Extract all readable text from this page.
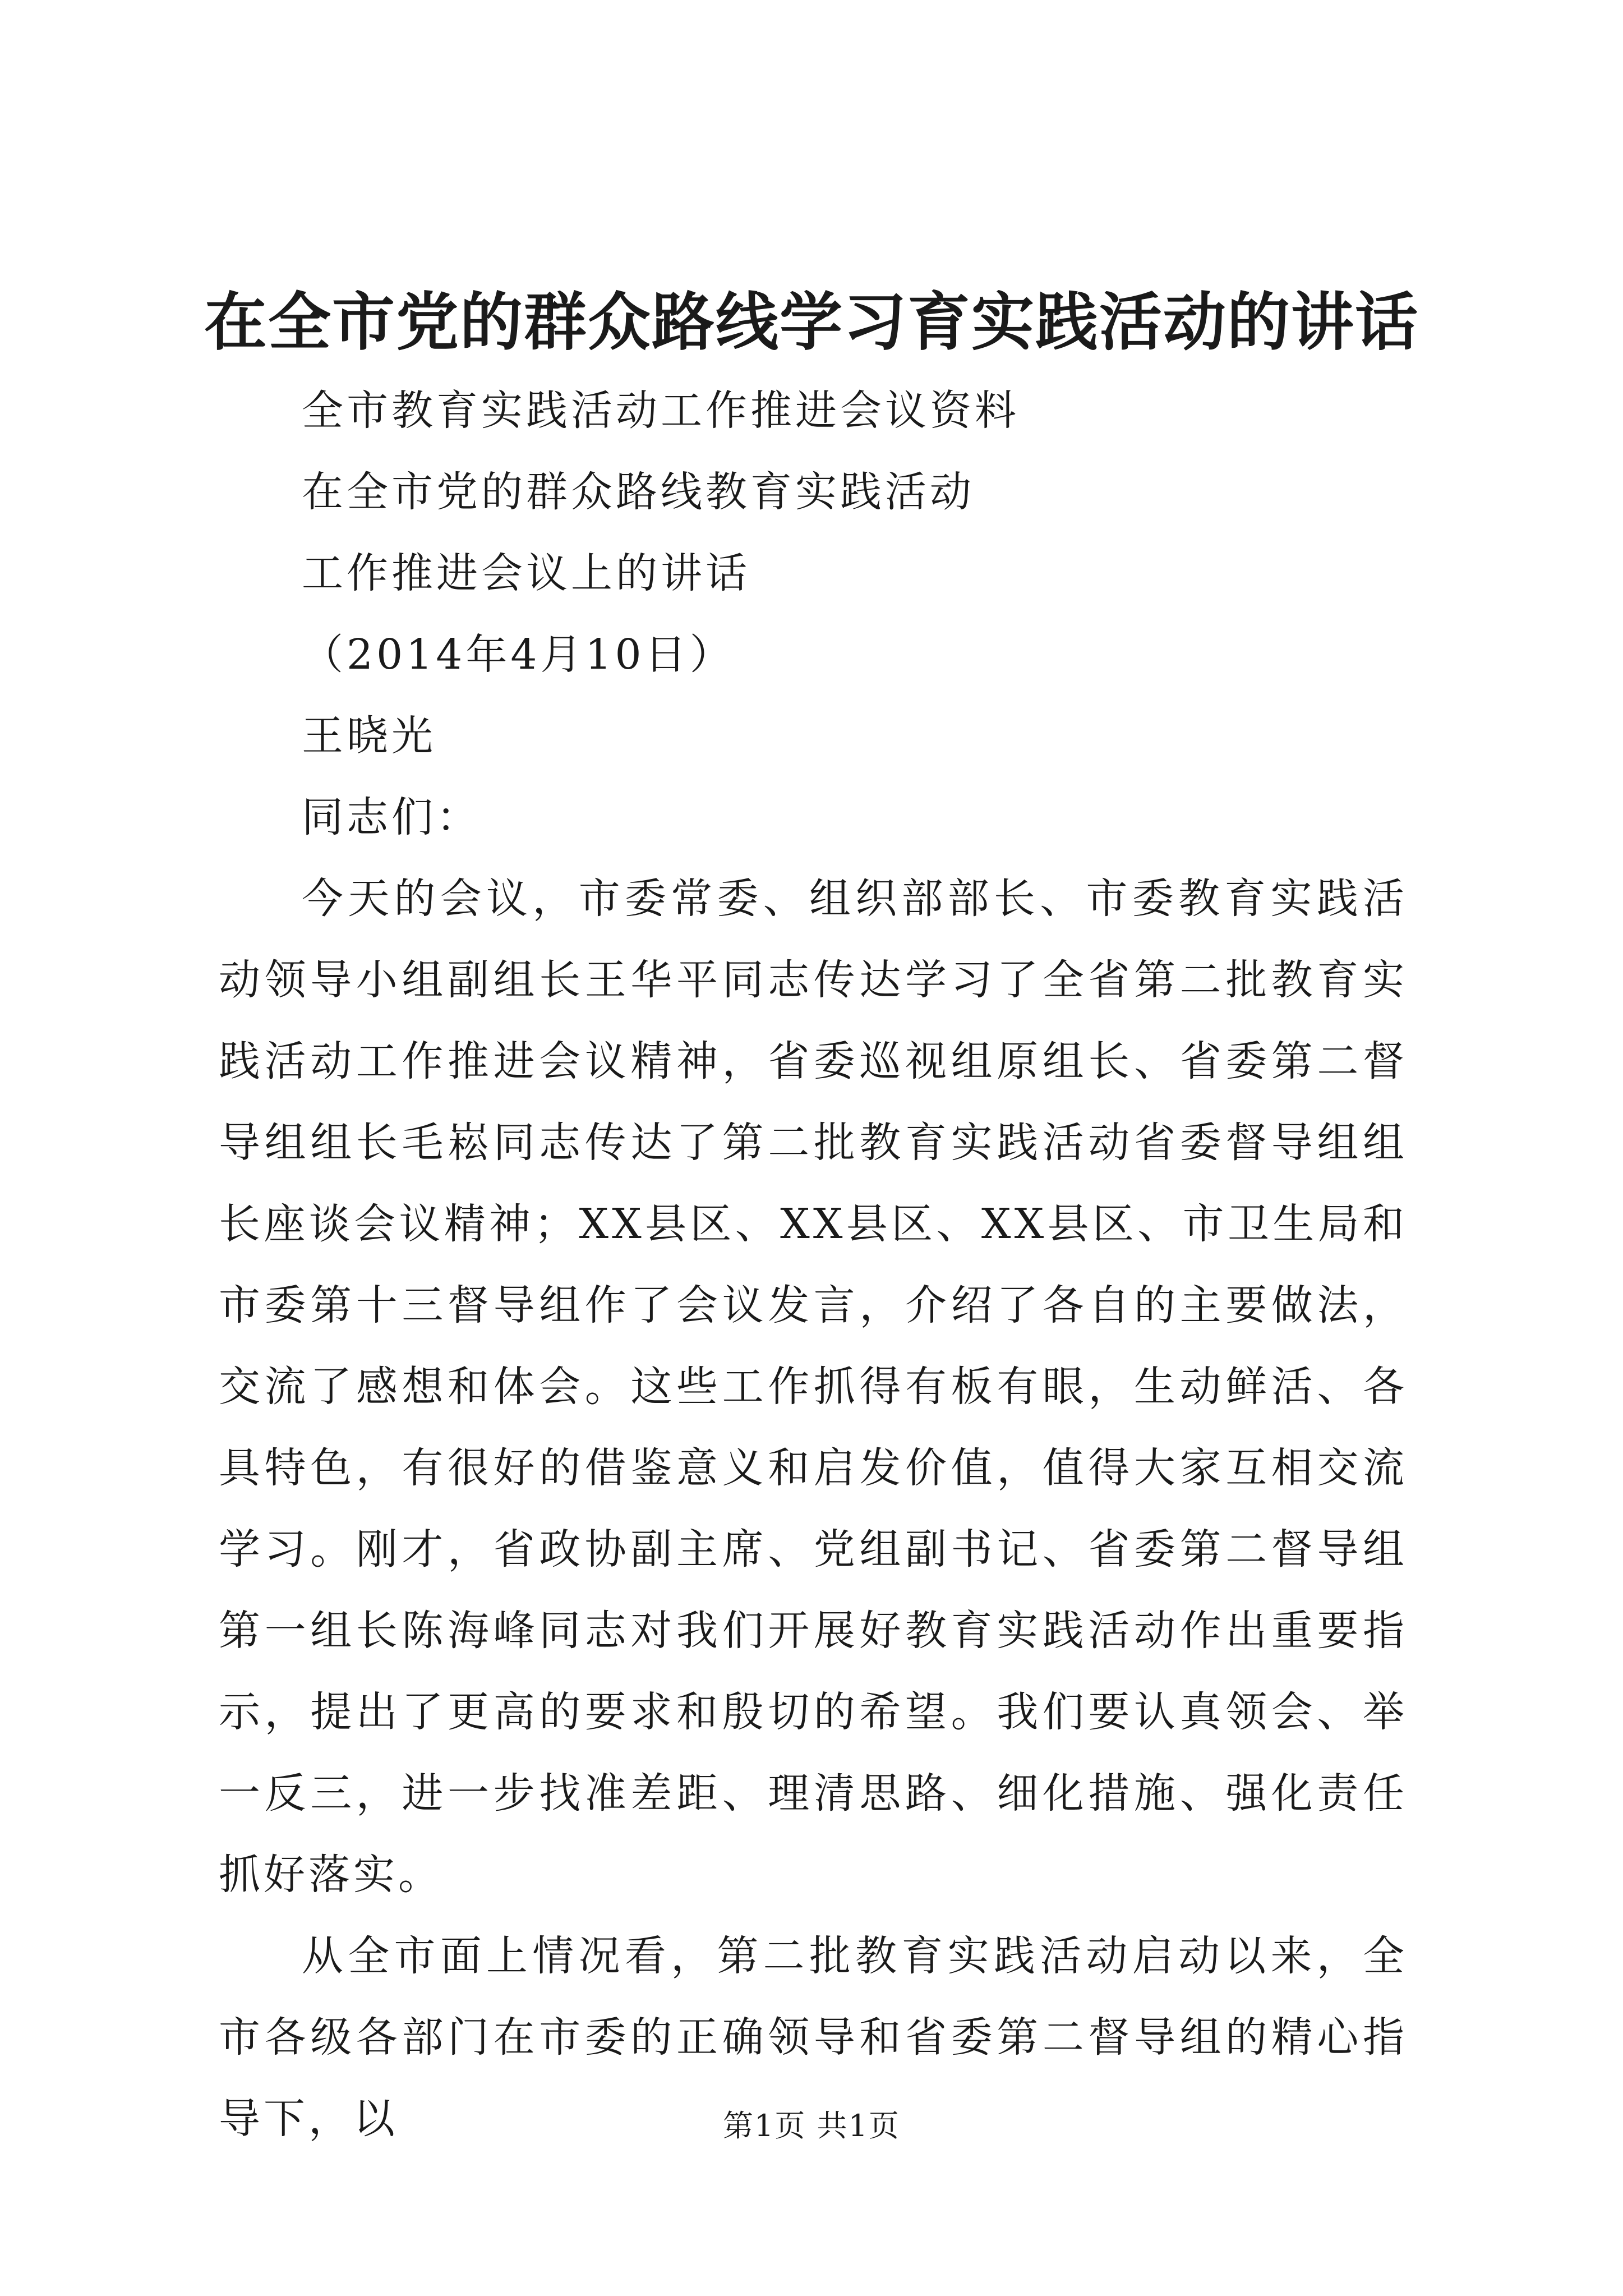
在全市党的群众路线学习育实践活动的讲话

全市教育实践活动工作推进会议资料

在全市党的群众路线教育实践活动

工作推进会议上的讲话

（2014年4月10日）

王晓光

同志们：

今天的会议，市委常委、组织部部长、市委教育实践活动领导小组副组长王华平同志传达学习了全省第二批教育实践活动工作推进会议精神，省委巡视组原组长、省委第二督导组组长毛崧同志传达了第二批教育实践活动省委督导组组长座谈会议精神；XX县区、XX县区、XX县区、市卫生局和市委第十三督导组作了会议发言，介绍了各自的主要做法，交流了感想和体会。这些工作抓得有板有眼，生动鲜活、各具特色，有很好的借鉴意义和启发价值，值得大家互相交流学习。刚才，省政协副主席、党组副书记、省委第二督导组第一组长陈海峰同志对我们开展好教育实践活动作出重要指示，提出了更高的要求和殷切的希望。我们要认真领会、举一反三，进一步找准差距、理清思路、细化措施、强化责任抓好落实。

从全市面上情况看，第二批教育实践活动启动以来，全市各级各部门在市委的正确领导和省委第二督导组的精心指导下，以	第1页 共1页
